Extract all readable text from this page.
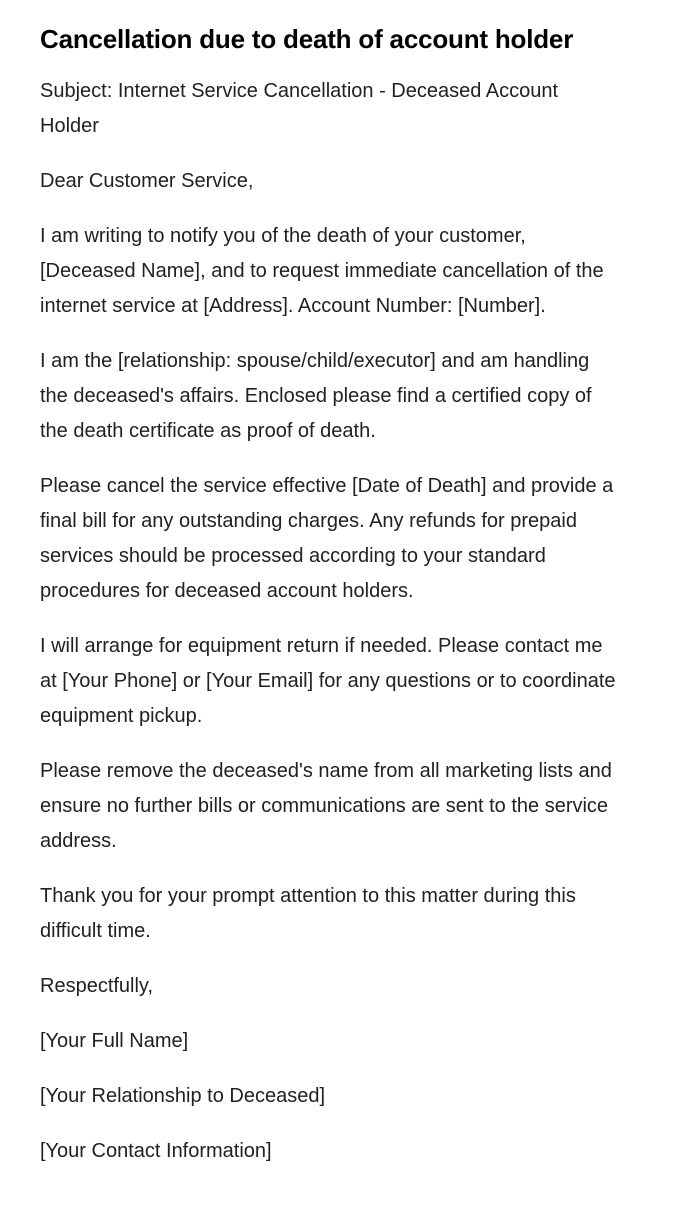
Cancellation due to death of account holder

Subject: Internet Service Cancellation - Deceased Account Holder

Dear Customer Service,

I am writing to notify you of the death of your customer, [Deceased Name], and to request immediate cancellation of the internet service at [Address]. Account Number: [Number].

I am the [relationship: spouse/child/executor] and am handling the deceased's affairs. Enclosed please find a certified copy of the death certificate as proof of death.

Please cancel the service effective [Date of Death] and provide a final bill for any outstanding charges. Any refunds for prepaid services should be processed according to your standard procedures for deceased account holders.

I will arrange for equipment return if needed. Please contact me at [Your Phone] or [Your Email] for any questions or to coordinate equipment pickup.

Please remove the deceased's name from all marketing lists and ensure no further bills or communications are sent to the service address.

Thank you for your prompt attention to this matter during this difficult time.

Respectfully,

[Your Full Name]

[Your Relationship to Deceased]

[Your Contact Information]
